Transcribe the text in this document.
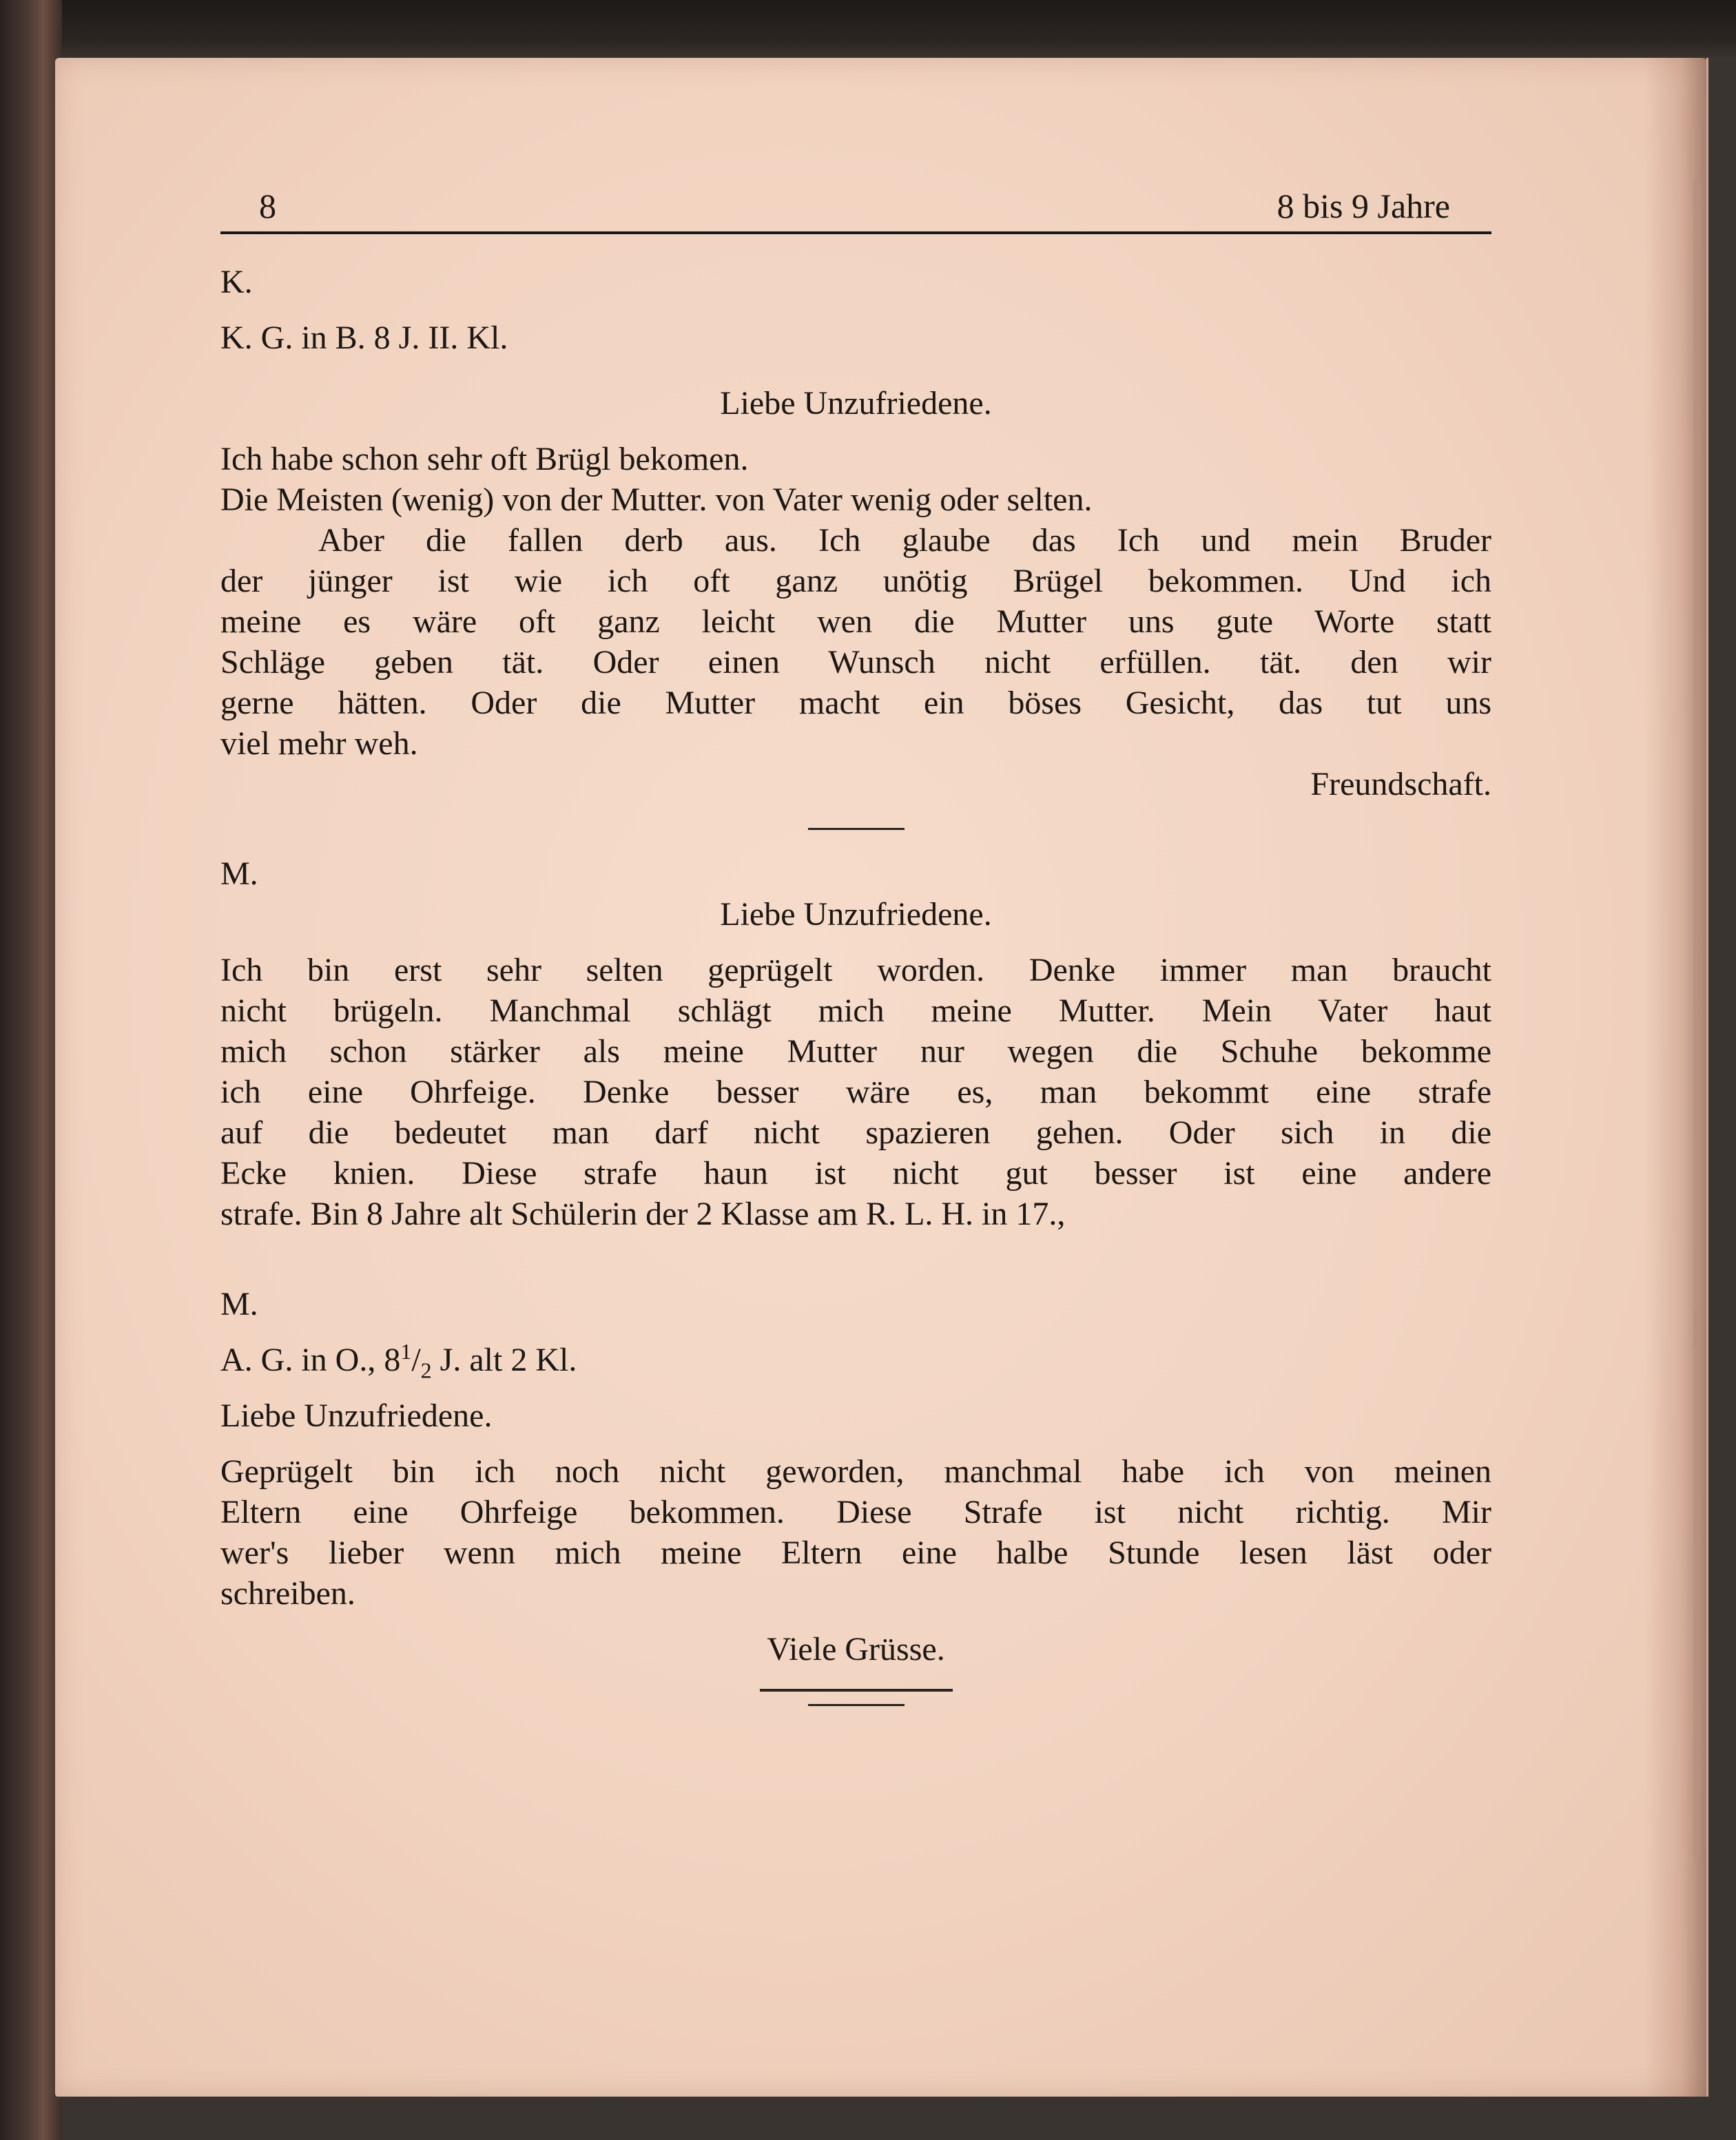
8	8 bis 9 Jahre

K.

K. G. in B. 8 J. II. Kl.

Liebe Unzufriedene.

Ich habe schon sehr oft Brügl bekomen.

Die Meisten (wenig) von der Mutter. von Vater wenig oder selten.

Aber die fallen derb aus. Ich glaube das Ich und mein Bruder

der jünger ist wie ich oft ganz unötig Brügel bekommen. Und ich

meine es wäre oft ganz leicht wen die Mutter uns gute Worte statt

Schläge geben tät. Oder einen Wunsch nicht erfüllen. tät. den wir

gerne hätten. Oder die Mutter macht ein böses Gesicht, das tut uns

viel mehr weh.

Freundschaft.

M.

Liebe Unzufriedene.

Ich bin erst sehr selten geprügelt worden. Denke immer man braucht

nicht brügeln. Manchmal schlägt mich meine Mutter. Mein Vater haut

mich schon stärker als meine Mutter nur wegen die Schuhe bekomme

ich eine Ohrfeige. Denke besser wäre es, man bekommt eine strafe

auf die bedeutet man darf nicht spazieren gehen. Oder sich in die

Ecke knien. Diese strafe haun ist nicht gut besser ist eine andere

strafe. Bin 8 Jahre alt Schülerin der 2 Klasse am R. L. H. in 17.,

M.

A. G. in O., $8^1/_2$ J. alt 2 Kl.

Liebe Unzufriedene.

Geprügelt bin ich noch nicht geworden, manchmal habe ich von meinen

Eltern eine Ohrfeige bekommen. Diese Strafe ist nicht richtig. Mir

wer's lieber wenn mich meine Eltern eine halbe Stunde lesen läst oder

schreiben.

Viele Grüsse.
